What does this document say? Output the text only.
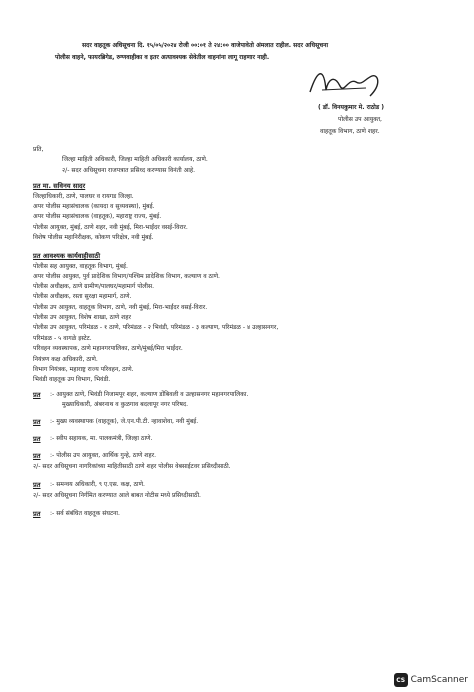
सदर वाहतूक अधिसूचना दि. १५/०५/२०२४ रोजी ००:०१ ते २४:०० वाजेपावेतो अंमलात राहील. सदर अधिसूचना
पोलीस वाहने, फायरब्रिगेड, रुग्णवाहीका व इतर अत्यावश्यक सेवेतील वाहनांना लागू राहणार नाही.
( डॉ. विनयकुमार मे. राठोड )
पोलीस उप आयुक्त,
वाहतूक विभाग, ठाणे शहर.
प्रति,
जिल्हा माहिती अधिकारी, जिल्हा माहिती अधिकारी कार्यालय, ठाणे.
२/- सदर अधिसूचना राजपत्रात प्रसिध्द करण्यास विनंती आहे.
प्रत मा. सविनय सादर
जिल्हाधिकारी, ठाणे, पालघर व रायगड जिल्हा.
अपर पोलीस महासंचालक (कायदा व सुव्यवस्था), मुंबई.
अपर पोलीस महासंचालक (वाहतूक), महाराष्ट्र राज्य, मुंबई.
पोलीस आयुक्त, मुंबई, ठाणे शहर, नवी मुंबई, मिरा-भाईंदर वसई-विरार.
विशेष पोलीस महानिरीक्षक, कोकण परिक्षेत्र, नवी मुंबई.
प्रत आवश्यक कार्यवाहीसाठी
पोलीस सह आयुक्त, वाहतूक विभाग, मुंबई.
अपर पोलीस आयुक्त, पुर्व प्रादेशिक विभाग/पश्चिम प्रादेशिक विभाग, कल्याण व ठाणे.
पोलीस अधीक्षक, ठाणे ग्रामीण/पालघर/महामार्ग पोलीस.
पोलीस अधीक्षक, रस्ता सुरक्षा महामार्ग, ठाणे.
पोलीस उप आयुक्त, वाहतूक विभाग, ठाणे, नवी मुंबई, मिरा-भाईंदर वसई-विरार.
पोलीस उप आयुक्त, विशेष शाखा, ठाणे शहर
पोलीस उप आयुक्त, परिमंडळ - १ ठाणे, परिमंडळ - २ भिवंडी, परिमंडळ - ३ कल्याण, परिमंडळ - ४ उल्हासनगर,
परिमंडळ - ५ वागळे इस्टेट.
परिवहन व्यवस्थापक, ठाणे महानगरपालिका, ठाणे/मुंबई/मिरा भाईंदर.
नियंत्रण कक्ष अधिकारी, ठाणे.
विभाग नियंत्रक, महाराष्ट्र राज्य परिवहन, ठाणे.
भिवंडी वाहतूक उप विभाग, भिवंडी.
प्रत :- आयुक्त ठाणे, भिवंडी निजामपूर शहर, कल्याण डोंबिवली व उल्हासनगर महानगरपालिका.
मुख्याधिकारी, अंबरनाथ व कुळगाव बदलापूर नगर परिषद.
प्रत :- मुख्य व्यवस्थापक (वाहतूक), जे.एन.पी.टी. न्हावाशेवा, नवी मुंबई.
प्रत :- स्वीय सहायक, मा. पालकमंत्री, जिल्हा ठाणे.
प्रत :- पोलीस उप आयुक्त, आर्थिक गुन्हे, ठाणे शहर.
२/- सदर अधिसूचना नागरिकांच्या माहितीसाठी ठाणे शहर पोलीस वेबसाईटवर प्रसिध्दीसाठी.
प्रत :- समन्वय अधिकारी, ९ ए.एस. कक्ष, ठाणे.
२/- सदर अधिसूचना निर्गमित करण्यात आले बाबत नोटीस मध्ये प्रसिध्दीसाठी.
प्रत :- सर्व संबंधित वाहतूक संघटना.
CS CamScanner
